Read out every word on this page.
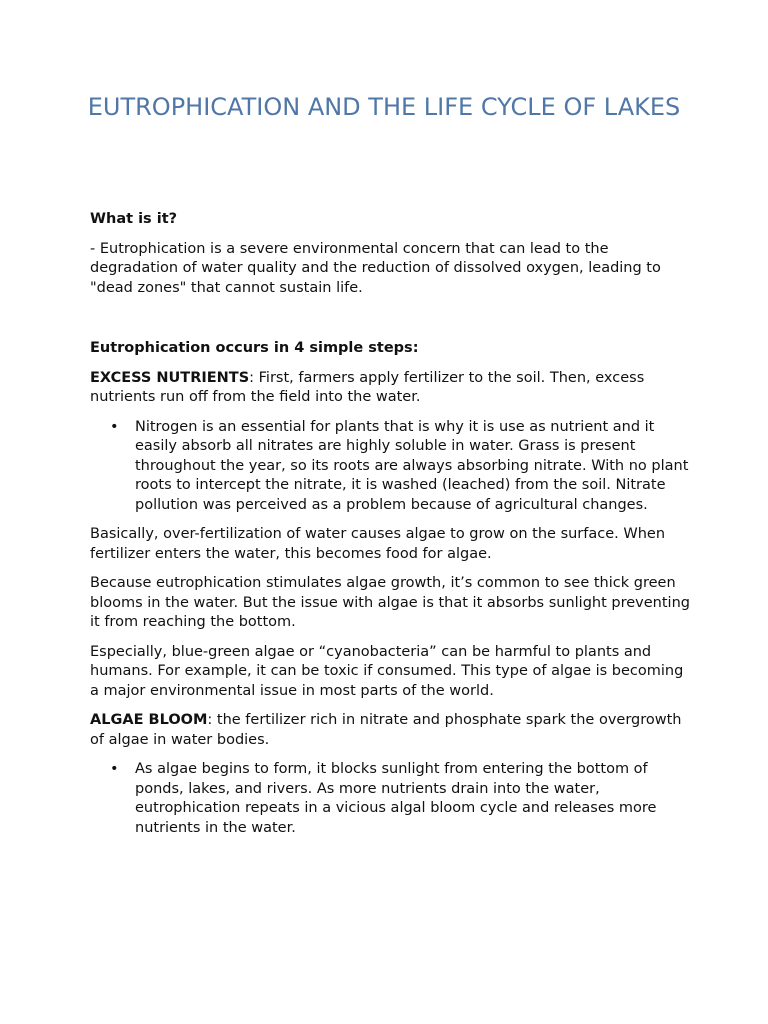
EUTROPHICATION AND THE LIFE CYCLE OF LAKES

What is it?

- Eutrophication is a severe environmental concern that can lead to the degradation of water quality and the reduction of dissolved oxygen, leading to "dead zones" that cannot sustain life.

Eutrophication occurs in 4 simple steps:

EXCESS NUTRIENTS: First, farmers apply fertilizer to the soil. Then, excess nutrients run off from the field into the water.

• Nitrogen is an essential for plants that is why it is use as nutrient and it easily absorb all nitrates are highly soluble in water. Grass is present throughout the year, so its roots are always absorbing nitrate. With no plant roots to intercept the nitrate, it is washed (leached) from the soil. Nitrate pollution was perceived as a problem because of agricultural changes.

Basically, over-fertilization of water causes algae to grow on the surface. When fertilizer enters the water, this becomes food for algae.

Because eutrophication stimulates algae growth, it’s common to see thick green blooms in the water. But the issue with algae is that it absorbs sunlight preventing it from reaching the bottom.

Especially, blue-green algae or “cyanobacteria” can be harmful to plants and humans. For example, it can be toxic if consumed. This type of algae is becoming a major environmental issue in most parts of the world.

ALGAE BLOOM: the fertilizer rich in nitrate and phosphate spark the overgrowth of algae in water bodies.

• As algae begins to form, it blocks sunlight from entering the bottom of ponds, lakes, and rivers. As more nutrients drain into the water, eutrophication repeats in a vicious algal bloom cycle and releases more nutrients in the water.
